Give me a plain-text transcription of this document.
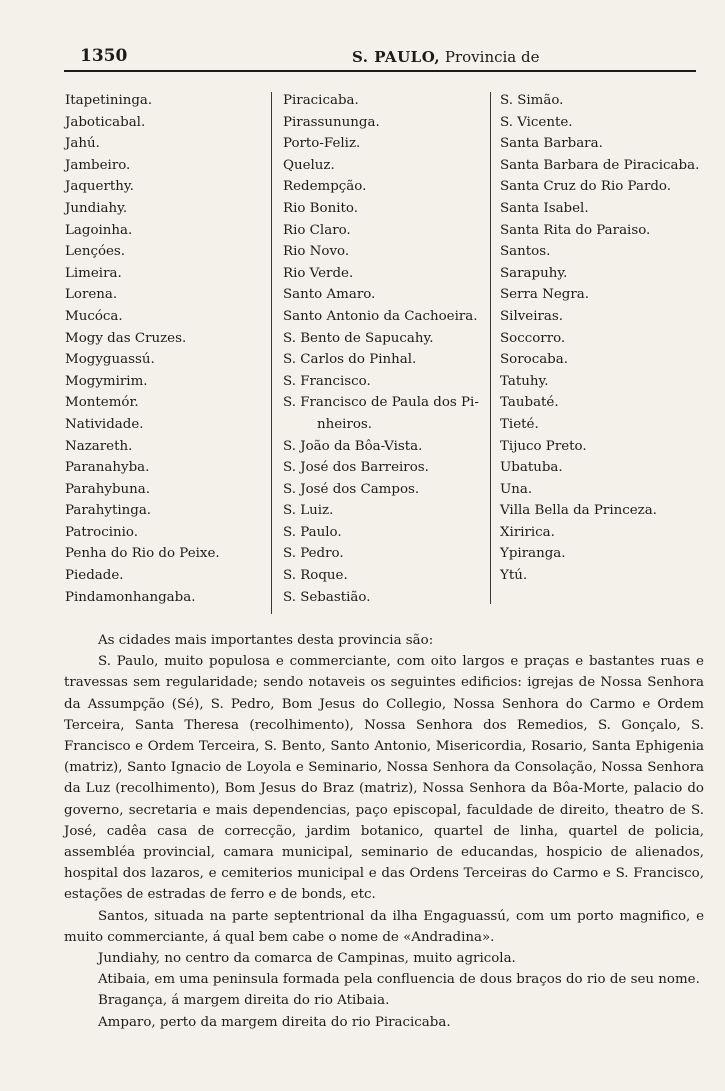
1350	S. PAULO, Provincia de
Itapetininga.
Jaboticabal.
Jahú.
Jambeiro.
Jaquerthy.
Jundiahy.
Lagoinha.
Lençóes.
Limeira.
Lorena.
Mucóca.
Mogy das Cruzes.
Mogyguassú.
Mogymirim.
Montemór.
Natividade.
Nazareth.
Paranahyba.
Parahybuna.
Parahytinga.
Patrocinio.
Penha do Rio do Peixe.
Piedade.
Pindamonhangaba.
Piracicaba.
Pirassununga.
Porto-Feliz.
Queluz.
Redempção.
Rio Bonito.
Rio Claro.
Rio Novo.
Rio Verde.
Santo Amaro.
Santo Antonio da Cachoeira.
S. Bento de Sapucahy.
S. Carlos do Pinhal.
S. Francisco.
S. Francisco de Paula dos Pi-
nheiros.
S. João da Bôa-Vista.
S. José dos Barreiros.
S. José dos Campos.
S. Luiz.
S. Paulo.
S. Pedro.
S. Roque.
S. Sebastião.
S. Simão.
S. Vicente.
Santa Barbara.
Santa Barbara de Piracicaba.
Santa Cruz do Rio Pardo.
Santa Isabel.
Santa Rita do Paraiso.
Santos.
Sarapuhy.
Serra Negra.
Silveiras.
Soccorro.
Sorocaba.
Tatuhy.
Taubaté.
Tieté.
Tijuco Preto.
Ubatuba.
Una.
Villa Bella da Princeza.
Xiririca.
Ypiranga.
Ytú.

As cidades mais importantes desta provincia são:

S. Paulo, muito populosa e commerciante, com oito largos e praças e bastantes ruas e travessas sem regularidade; sendo notaveis os seguintes edificios: igrejas de Nossa Senhora da Assumpção (Sé), S. Pedro, Bom Jesus do Collegio, Nossa Senhora do Carmo e Ordem Terceira, Santa Theresa (recolhimento), Nossa Senhora dos Remedios, S. Gonçalo, S. Francisco e Ordem Terceira, S. Bento, Santo Antonio, Misericordia, Rosario, Santa Ephigenia (matriz), Santo Ignacio de Loyola e Seminario, Nossa Senhora da Consolação, Nossa Senhora da Luz (recolhimento), Bom Jesus do Braz (matriz), Nossa Senhora da Bôa-Morte, palacio do governo, secretaria e mais dependencias, paço episcopal, faculdade de direito, theatro de S. José, cadêa casa de correcção, jardim botanico, quartel de linha, quartel de policia, assembléa provincial, camara municipal, seminario de educandas, hospicio de alienados, hospital dos lazaros, e cemiterios municipal e das Ordens Terceiras do Carmo e S. Francisco, estações de estradas de ferro e de bonds, etc.

Santos, situada na parte septentrional da ilha Engaguassú, com um porto magnifico, e muito commerciante, á qual bem cabe o nome de «Andradina».

Jundiahy, no centro da comarca de Campinas, muito agricola.

Atibaia, em uma peninsula formada pela confluencia de dous braços do rio de seu nome.

Bragança, á margem direita do rio Atibaia.

Amparo, perto da margem direita do rio Piracicaba.
